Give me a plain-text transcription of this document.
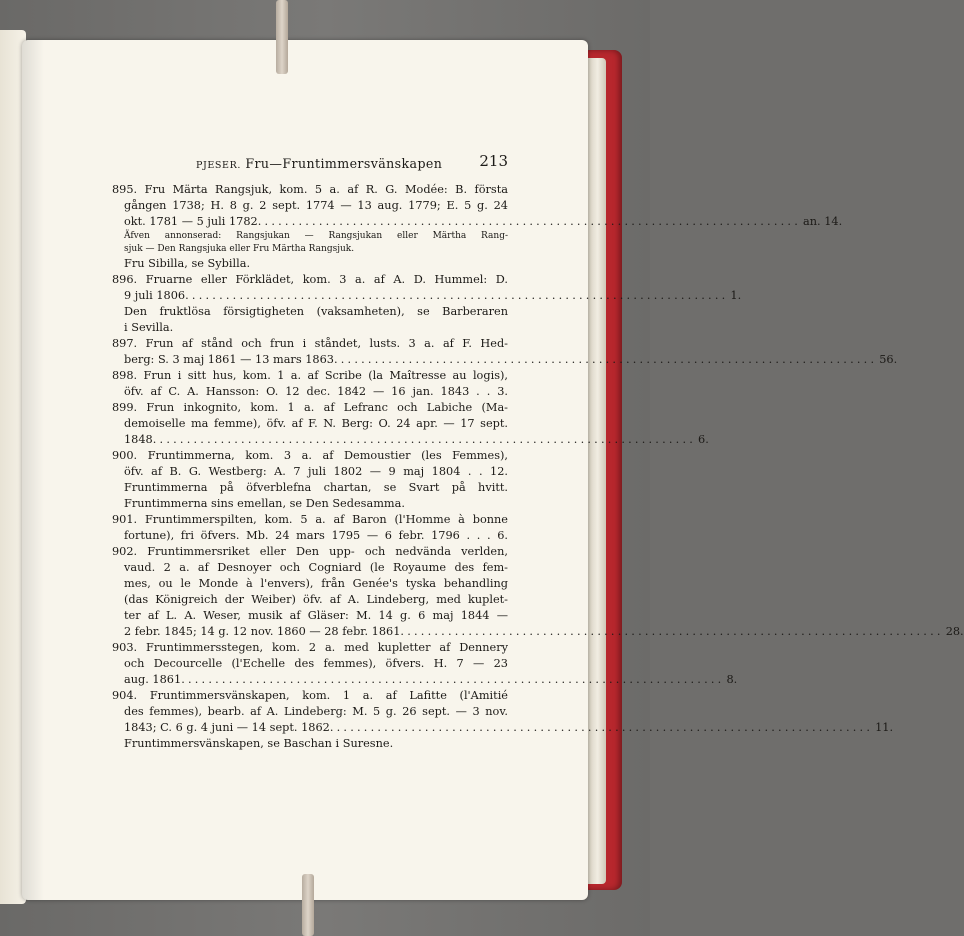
PJESER. Fru—Fruntimmersvänskapen 213
895. Fru Märta Rangsjuk, kom. 5 a. af R. G. Modée: B. första
gången 1738; H. 8 g. 2 sept. 1774 — 13 aug. 1779; E. 5 g. 24
okt. 1781 — 5 juli 1782 ................................................................................ an. 14.
Äfven annonserad: Rangsjukan — Rangsjukan eller Märtha Rang-
sjuk — Den Rangsjuka eller Fru Märtha Rangsjuk.
Fru Sibilla, se Sybilla.
896. Fruarne eller Förklädet, kom. 3 a. af A. D. Hummel: D.
9 juli 1806 ................................................................................ 1.
Den fruktlösa försigtigheten (vaksamheten), se Barberaren
i Sevilla.
897. Frun af stånd och frun i ståndet, lusts. 3 a. af F. Hed-
berg: S. 3 maj 1861 — 13 mars 1863 ................................................................................ 56.
898. Frun i sitt hus, kom. 1 a. af Scribe (la Maîtresse au logis),
öfv. af C. A. Hansson: O. 12 dec. 1842 — 16 jan. 1843 . . 3.
899. Frun inkognito, kom. 1 a. af Lefranc och Labiche (Ma-
demoiselle ma femme), öfv. af F. N. Berg: O. 24 apr. — 17 sept.
1848 ................................................................................ 6.
900. Fruntimmerna, kom. 3 a. af Demoustier (les Femmes),
öfv. af B. G. Westberg: A. 7 juli 1802 — 9 maj 1804 . . 12.
Fruntimmerna på öfverblefna chartan, se Svart på hvitt.
Fruntimmerna sins emellan, se Den Sedesamma.
901. Fruntimmerspilten, kom. 5 a. af Baron (l'Homme à bonne
fortune), fri öfvers. Mb. 24 mars 1795 — 6 febr. 1796 . . . 6.
902. Fruntimmersriket eller Den upp- och nedvända verlden,
vaud. 2 a. af Desnoyer och Cogniard (le Royaume des fem-
mes, ou le Monde à l'envers), från Genée's tyska behandling
(das Königreich der Weiber) öfv. af A. Lindeberg, med kuplet-
ter af L. A. Weser, musik af Gläser: M. 14 g. 6 maj 1844 —
2 febr. 1845; 14 g. 12 nov. 1860 — 28 febr. 1861 ................................................................................ 28.
903. Fruntimmersstegen, kom. 2 a. med kupletter af Dennery
och Decourcelle (l'Echelle des femmes), öfvers. H. 7 — 23
aug. 1861 ................................................................................ 8.
904. Fruntimmersvänskapen, kom. 1 a. af Lafitte (l'Amitié
des femmes), bearb. af A. Lindeberg: M. 5 g. 26 sept. — 3 nov.
1843; C. 6 g. 4 juni — 14 sept. 1862 ................................................................................ 11.
Fruntimmersvänskapen, se Baschan i Suresne.
